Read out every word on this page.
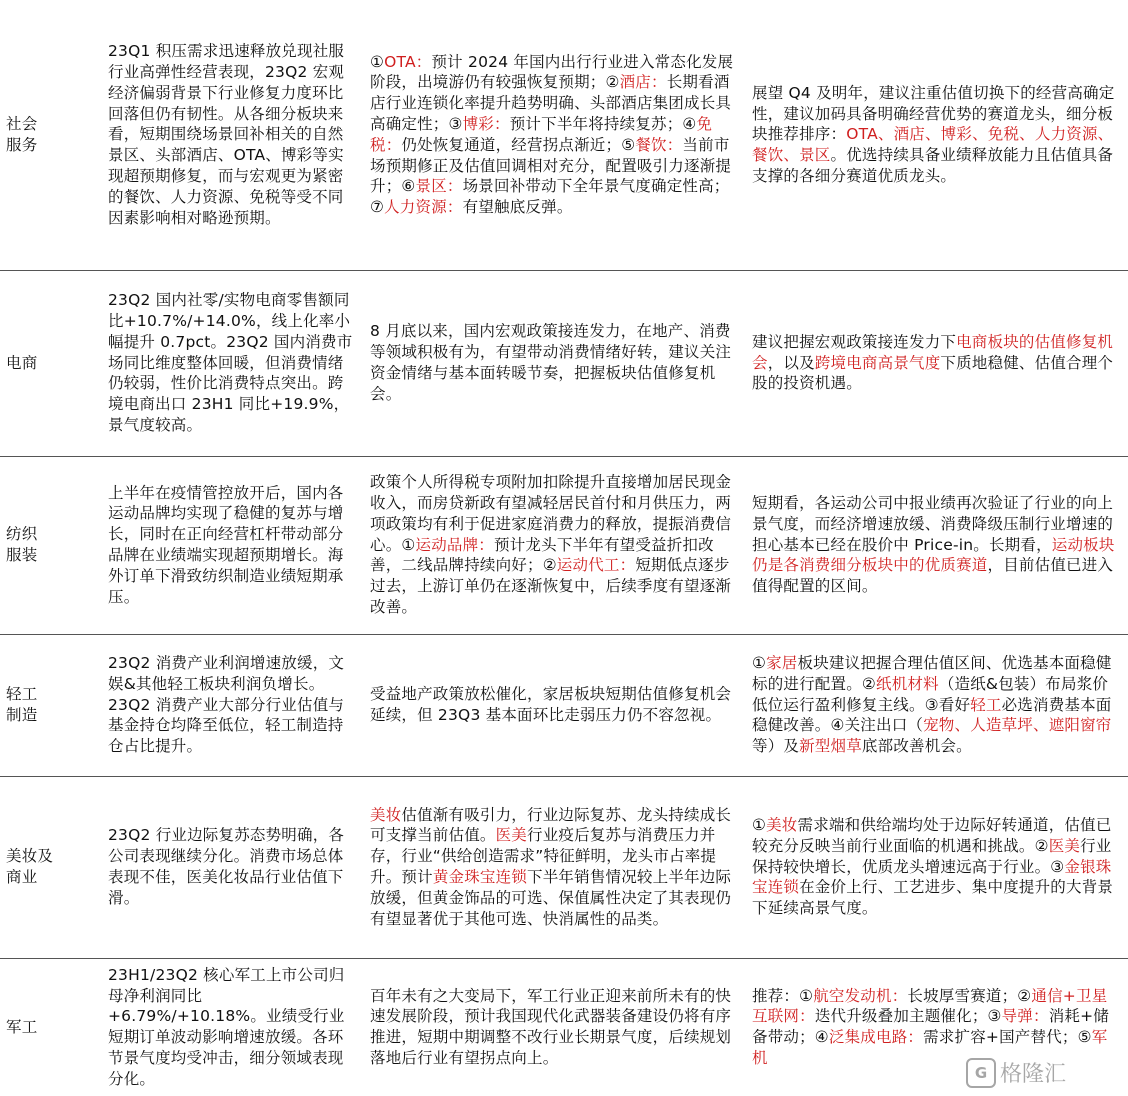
社会
服务	23Q1 积压需求迅速释放兑现社服行业高弹性经营表现，23Q2 宏观经济偏弱背景下行业修复力度环比回落但仍有韧性。从各细分板块来看，短期围绕场景回补相关的自然景区、头部酒店、OTA、博彩等实现超预期修复，而与宏观更为紧密的餐饮、人力资源、免税等受不同因素影响相对略逊预期。	①OTA：预计 2024 年国内出行行业进入常态化发展阶段，出境游仍有较强恢复预期；②酒店：长期看酒店行业连锁化率提升趋势明确、头部酒店集团成长具高确定性；③博彩：预计下半年将持续复苏；④免税：仍处恢复通道，经营拐点渐近；⑤餐饮：当前市场预期修正及估值回调相对充分，配置吸引力逐渐提升；⑥景区：场景回补带动下全年景气度确定性高；⑦人力资源：有望触底反弹。	展望 Q4 及明年，建议注重估值切换下的经营高确定性，建议加码具备明确经营优势的赛道龙头，细分板块推荐排序：OTA、酒店、博彩、免税、人力资源、餐饮、景区。优选持续具备业绩释放能力且估值具备支撑的各细分赛道优质龙头。

电商	23Q2 国内社零/实物电商零售额同比+10.7%/+14.0%，线上化率小幅提升 0.7pct。23Q2 国内消费市场同比维度整体回暖，但消费情绪仍较弱，性价比消费特点突出。跨境电商出口 23H1 同比+19.9%，景气度较高。	8 月底以来，国内宏观政策接连发力，在地产、消费等领域积极有为，有望带动消费情绪好转，建议关注资金情绪与基本面转暖节奏，把握板块估值修复机会。	建议把握宏观政策接连发力下电商板块的估值修复机会，以及跨境电商高景气度下质地稳健、估值合理个股的投资机遇。

纺织
服装	上半年在疫情管控放开后，国内各运动品牌均实现了稳健的复苏与增长，同时在正向经营杠杆带动部分品牌在业绩端实现超预期增长。海外订单下滑致纺织制造业绩短期承压。	政策个人所得税专项附加扣除提升直接增加居民现金收入，而房贷新政有望减轻居民首付和月供压力，两项政策均有利于促进家庭消费力的释放，提振消费信心。①运动品牌：预计龙头下半年有望受益折扣改善，二线品牌持续向好；②运动代工：短期低点逐步过去，上游订单仍在逐渐恢复中，后续季度有望逐渐改善。	短期看，各运动公司中报业绩再次验证了行业的向上景气度，而经济增速放缓、消费降级压制行业增速的担心基本已经在股价中 Price-in。长期看，运动板块仍是各消费细分板块中的优质赛道，目前估值已进入值得配置的区间。

轻工
制造	23Q2 消费产业利润增速放缓，文娱&其他轻工板块利润负增长。23Q2 消费产业大部分行业估值与基金持仓均降至低位，轻工制造持仓占比提升。	受益地产政策放松催化，家居板块短期估值修复机会延续，但 23Q3 基本面环比走弱压力仍不容忽视。	①家居板块建议把握合理估值区间、优选基本面稳健标的进行配置。②纸机材料（造纸&包装）布局浆价低位运行盈利修复主线。③看好轻工必选消费基本面稳健改善。④关注出口（宠物、人造草坪、遮阳窗帘等）及新型烟草底部改善机会。

美妆及
商业	23Q2 行业边际复苏态势明确，各公司表现继续分化。消费市场总体表现不佳，医美化妆品行业估值下滑。	美妆估值渐有吸引力，行业边际复苏、龙头持续成长可支撑当前估值。医美行业疫后复苏与消费压力并存，行业“供给创造需求”特征鲜明，龙头市占率提升。预计黄金珠宝连锁下半年销售情况较上半年边际放缓，但黄金饰品的可选、保值属性决定了其表现仍有望显著优于其他可选、快消属性的品类。	①美妆需求端和供给端均处于边际好转通道，估值已较充分反映当前行业面临的机遇和挑战。②医美行业保持较快增长，优质龙头增速远高于行业。③金银珠宝连锁在金价上行、工艺进步、集中度提升的大背景下延续高景气度。

军工	23H1/23Q2 核心军工上市公司归母净利润同比+6.79%/+10.18%。业绩受行业短期订单波动影响增速放缓。各环节景气度均受冲击，细分领域表现分化。	百年未有之大变局下，军工行业正迎来前所未有的快速发展阶段，预计我国现代化武器装备建设仍将有序推进，短期中期调整不改行业长期景气度，后续规划落地后行业有望拐点向上。	推荐：①航空发动机：长坡厚雪赛道；②通信+卫星互联网：迭代升级叠加主题催化；③导弹：消耗+储备带动；④泛集成电路：需求扩容+国产替代；⑤军机
G 格隆汇
